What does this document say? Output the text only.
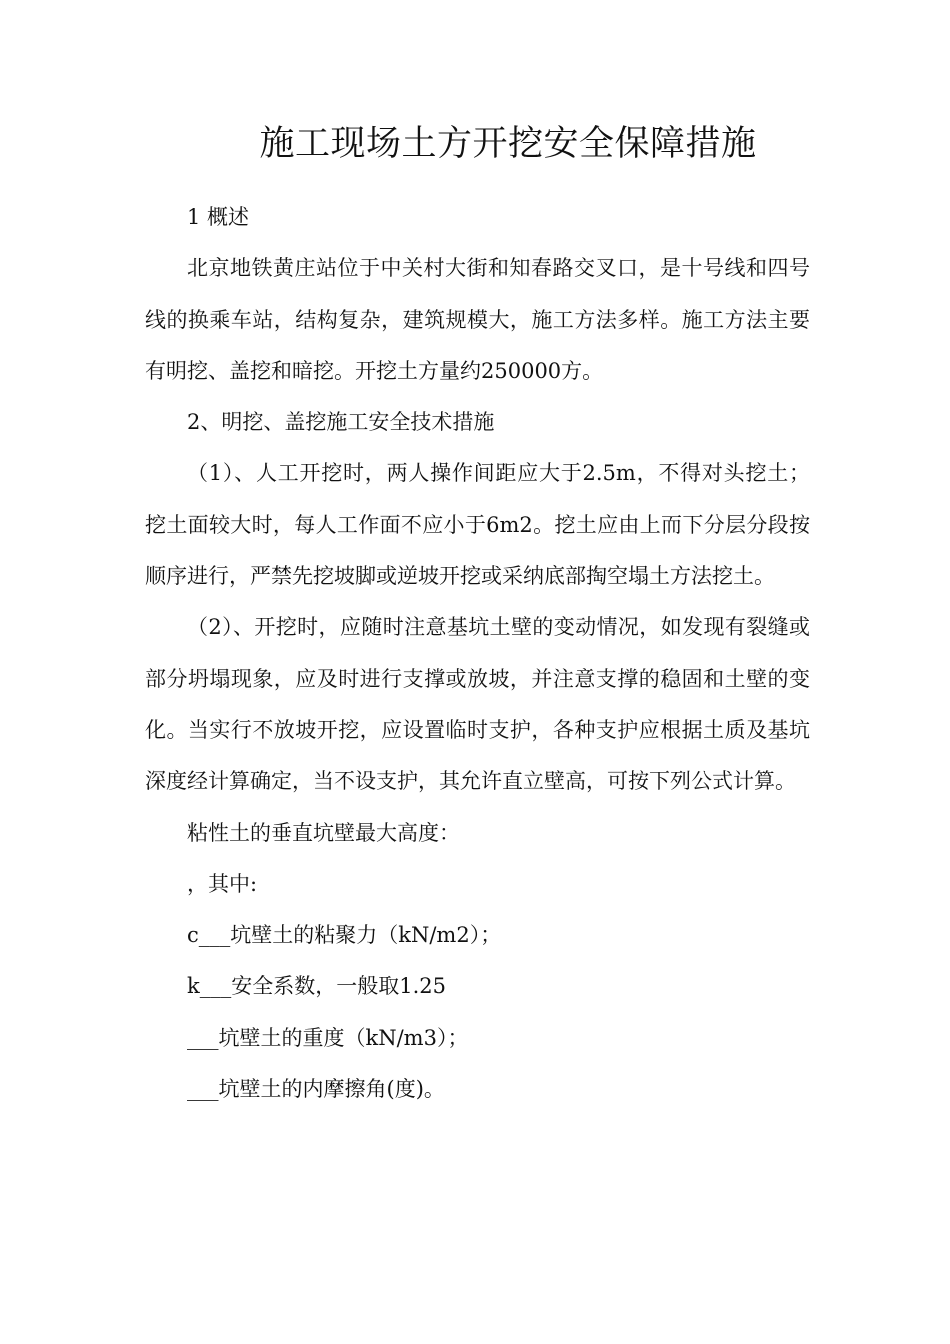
施工现场土方开挖安全保障措施

1 概述

北京地铁黄庄站位于中关村大街和知春路交叉口，是十号线和四号线的换乘车站，结构复杂，建筑规模大，施工方法多样。施工方法主要有明挖、盖挖和暗挖。开挖土方量约250000方。

2、明挖、盖挖施工安全技术措施

（1）、人工开挖时，两人操作间距应大于2.5m，不得对头挖土；挖土面较大时，每人工作面不应小于6m2。挖土应由上而下分层分段按顺序进行，严禁先挖坡脚或逆坡开挖或采纳底部掏空塌土方法挖土。

（2）、开挖时，应随时注意基坑土壁的变动情况，如发现有裂缝或部分坍塌现象，应及时进行支撑或放坡，并注意支撑的稳固和土壁的变化。当实行不放坡开挖，应设置临时支护，各种支护应根据土质及基坑深度经计算确定，当不设支护，其允许直立壁高，可按下列公式计算。

粘性土的垂直坑壁最大高度：

，其中:

c___坑壁土的粘聚力（kN/m2）；

k___安全系数，一般取1.25

___坑壁土的重度（kN/m3）；

___坑壁土的内摩擦角(度)。
